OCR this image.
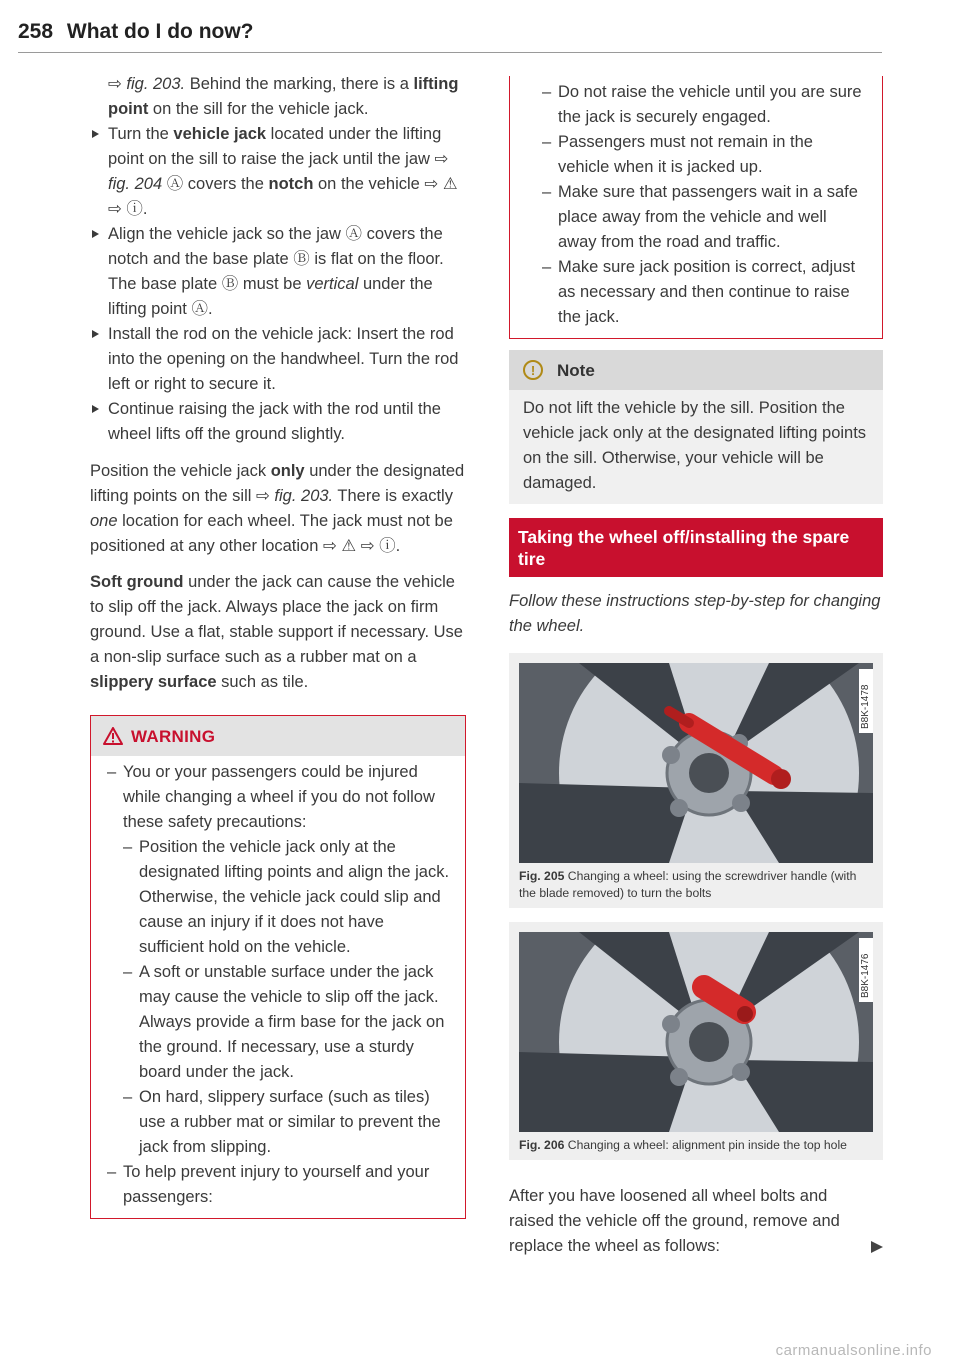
258 What do I do now?

⇨ fig. 203. Behind the marking, there is a lifting point on the sill for the vehicle jack.

Turn the vehicle jack located under the lifting point on the sill to raise the jack until the jaw ⇨ fig. 204 Ⓐ covers the notch on the vehicle ⇨ ⚠ ⇨ ⓘ.

Align the vehicle jack so the jaw Ⓐ covers the notch and the base plate Ⓑ is flat on the floor. The base plate Ⓑ must be vertical under the lifting point Ⓐ.

Install the rod on the vehicle jack: Insert the rod into the opening on the handwheel. Turn the rod left or right to secure it.

Continue raising the jack with the rod until the wheel lifts off the ground slightly.

Position the vehicle jack only under the designated lifting points on the sill ⇨ fig. 203. There is exactly one location for each wheel. The jack must not be positioned at any other location ⇨ ⚠ ⇨ ⓘ.

Soft ground under the jack can cause the vehicle to slip off the jack. Always place the jack on firm ground. Use a flat, stable support if necessary. Use a non-slip surface such as a rubber mat on a slippery surface such as tile.

WARNING

– You or your passengers could be injured while changing a wheel if you do not follow these safety precautions:

– Position the vehicle jack only at the designated lifting points and align the jack. Otherwise, the vehicle jack could slip and cause an injury if it does not have sufficient hold on the vehicle.

– A soft or unstable surface under the jack may cause the vehicle to slip off the jack. Always provide a firm base for the jack on the ground. If necessary, use a sturdy board under the jack.

– On hard, slippery surface (such as tiles) use a rubber mat or similar to prevent the jack from slipping.

– To help prevent injury to yourself and your passengers:

– Do not raise the vehicle until you are sure the jack is securely engaged.

– Passengers must not remain in the vehicle when it is jacked up.

– Make sure that passengers wait in a safe place away from the vehicle and well away from the road and traffic.

– Make sure jack position is correct, adjust as necessary and then continue to raise the jack.

!	Note
Do not lift the vehicle by the sill. Position the vehicle jack only at the designated lifting points on the sill. Otherwise, your vehicle will be damaged.
Taking the wheel off/installing the spare tire
Follow these instructions step-by-step for changing the wheel.
B8K-1478
Fig. 205 Changing a wheel: using the screwdriver handle (with the blade removed) to turn the bolts
B8K-1476
Fig. 206 Changing a wheel: alignment pin inside the top hole

After you have loosened all wheel bolts and raised the vehicle off the ground, remove and replace the wheel as follows:

carmanualsonline.info
